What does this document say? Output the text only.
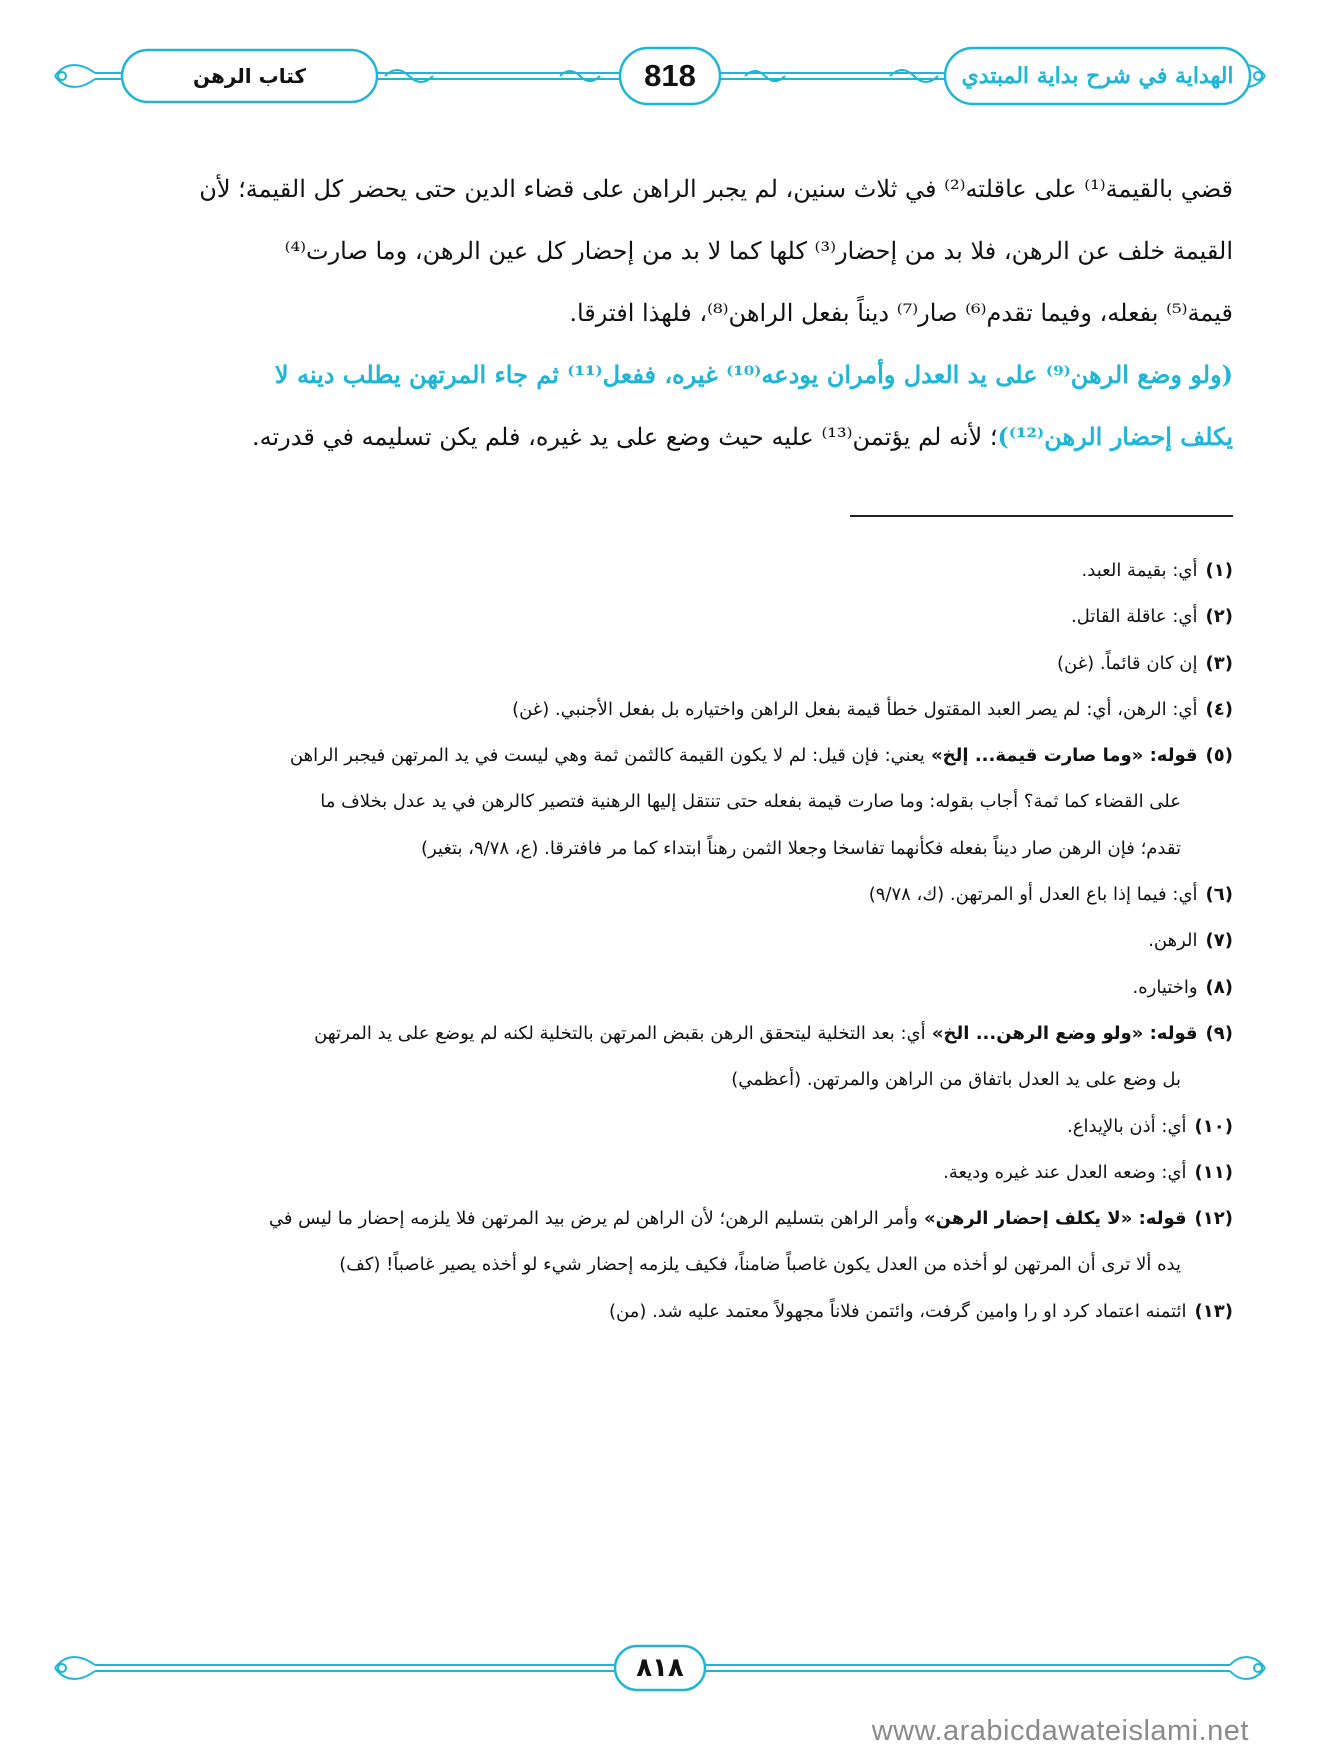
كتاب الرهن	818	الهداية في شرح بداية المبتدي
قضي بالقيمة⁽¹⁾ على عاقلته⁽²⁾ في ثلاث سنين، لم يجبر الراهن على قضاء الدين حتى يحضر كل القيمة؛ لأن
القيمة خلف عن الرهن، فلا بد من إحضار⁽³⁾ كلها كما لا بد من إحضار كل عين الرهن، وما صارت⁽⁴⁾
قيمة⁽⁵⁾ بفعله، وفيما تقدم⁽⁶⁾ صار⁽⁷⁾ ديناً بفعل الراهن⁽⁸⁾، فلهذا افترقا.
(ولو وضع الرهن⁽⁹⁾ على يد العدل وأمران يودعه⁽¹⁰⁾ غيره، ففعل⁽¹¹⁾ ثم جاء المرتهن يطلب دينه لا
يكلف إحضار الرهن⁽¹²⁾)؛ لأنه لم يؤتمن⁽¹³⁾ عليه حيث وضع على يد غيره، فلم يكن تسليمه في قدرته.
(١)أي: بقيمة العبد.
(٢)أي: عاقلة القاتل.
(٣)إن كان قائماً. (غن)
(٤)أي: الرهن، أي: لم يصر العبد المقتول خطأ قيمة بفعل الراهن واختياره بل بفعل الأجنبي. (غن)
(٥)قوله: «وما صارت قيمة... إلخ» يعني: فإن قيل: لم لا يكون القيمة كالثمن ثمة وهي ليست في يد المرتهن فيجبر الراهن
على القضاء كما ثمة؟ أجاب بقوله: وما صارت قيمة بفعله حتى تنتقل إليها الرهنية فتصير كالرهن في يد عدل بخلاف ما
تقدم؛ فإن الرهن صار ديناً بفعله فكأنهما تفاسخا وجعلا الثمن رهناً ابتداء كما مر فافترقا. (ع، ٩/٧٨، بتغير)
(٦)أي: فيما إذا باع العدل أو المرتهن. (ك، ٩/٧٨)
(٧)الرهن.
(٨)واختياره.
(٩)قوله: «ولو وضع الرهن... الخ» أي: بعد التخلية ليتحقق الرهن بقبض المرتهن بالتخلية لكنه لم يوضع على يد المرتهن
بل وضع على يد العدل باتفاق من الراهن والمرتهن. (أعظمي)
(١٠)أي: أذن بالإيداع.
(١١)أي: وضعه العدل عند غيره وديعة.
(١٢)قوله: «لا يكلف إحضار الرهن» وأمر الراهن بتسليم الرهن؛ لأن الراهن لم يرض بيد المرتهن فلا يلزمه إحضار ما ليس في
يده ألا ترى أن المرتهن لو أخذه من العدل يكون غاصباً ضامناً، فكيف يلزمه إحضار شيء لو أخذه يصير غاصباً! (كف)
(١٣)ائتمنه اعتماد كرد او را وامين گرفت، وائتمن فلاناً مجهولاً معتمد عليه شد. (من)
٨١٨
www.arabicdawateislami.net
